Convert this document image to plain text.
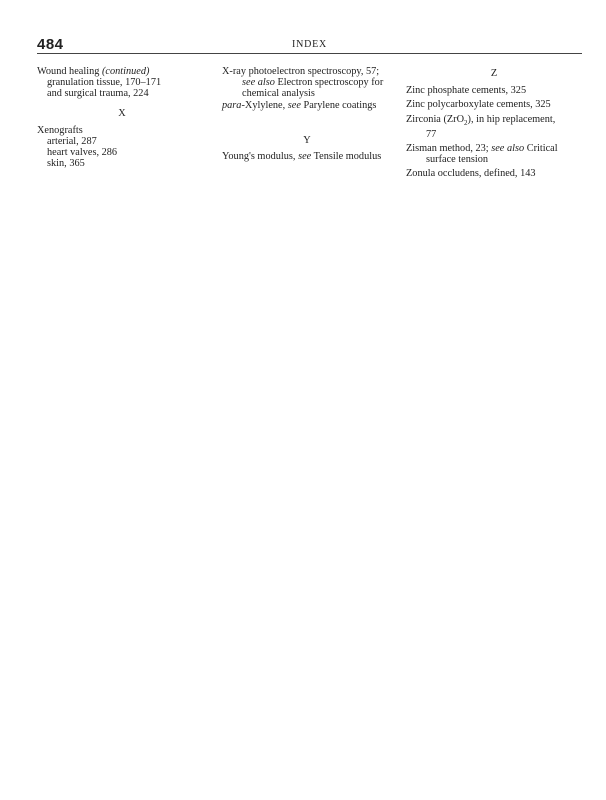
484	INDEX

Wound healing (continued)

granulation tissue, 170–171

and surgical trauma, 224

X

Xenografts

arterial, 287

heart valves, 286

skin, 365

X-ray photoelectron spectroscopy, 57;

see also Electron spectroscopy for

chemical analysis

para-Xylylene, see Parylene coatings

Y

Young's modulus, see Tensile modulus

Z

Zinc phosphate cements, 325

Zinc polycarboxylate cements, 325

Zirconia (ZrO$_2$), in hip replacement,

77

Zisman method, 23; see also Critical

surface tension

Zonula occludens, defined, 143
